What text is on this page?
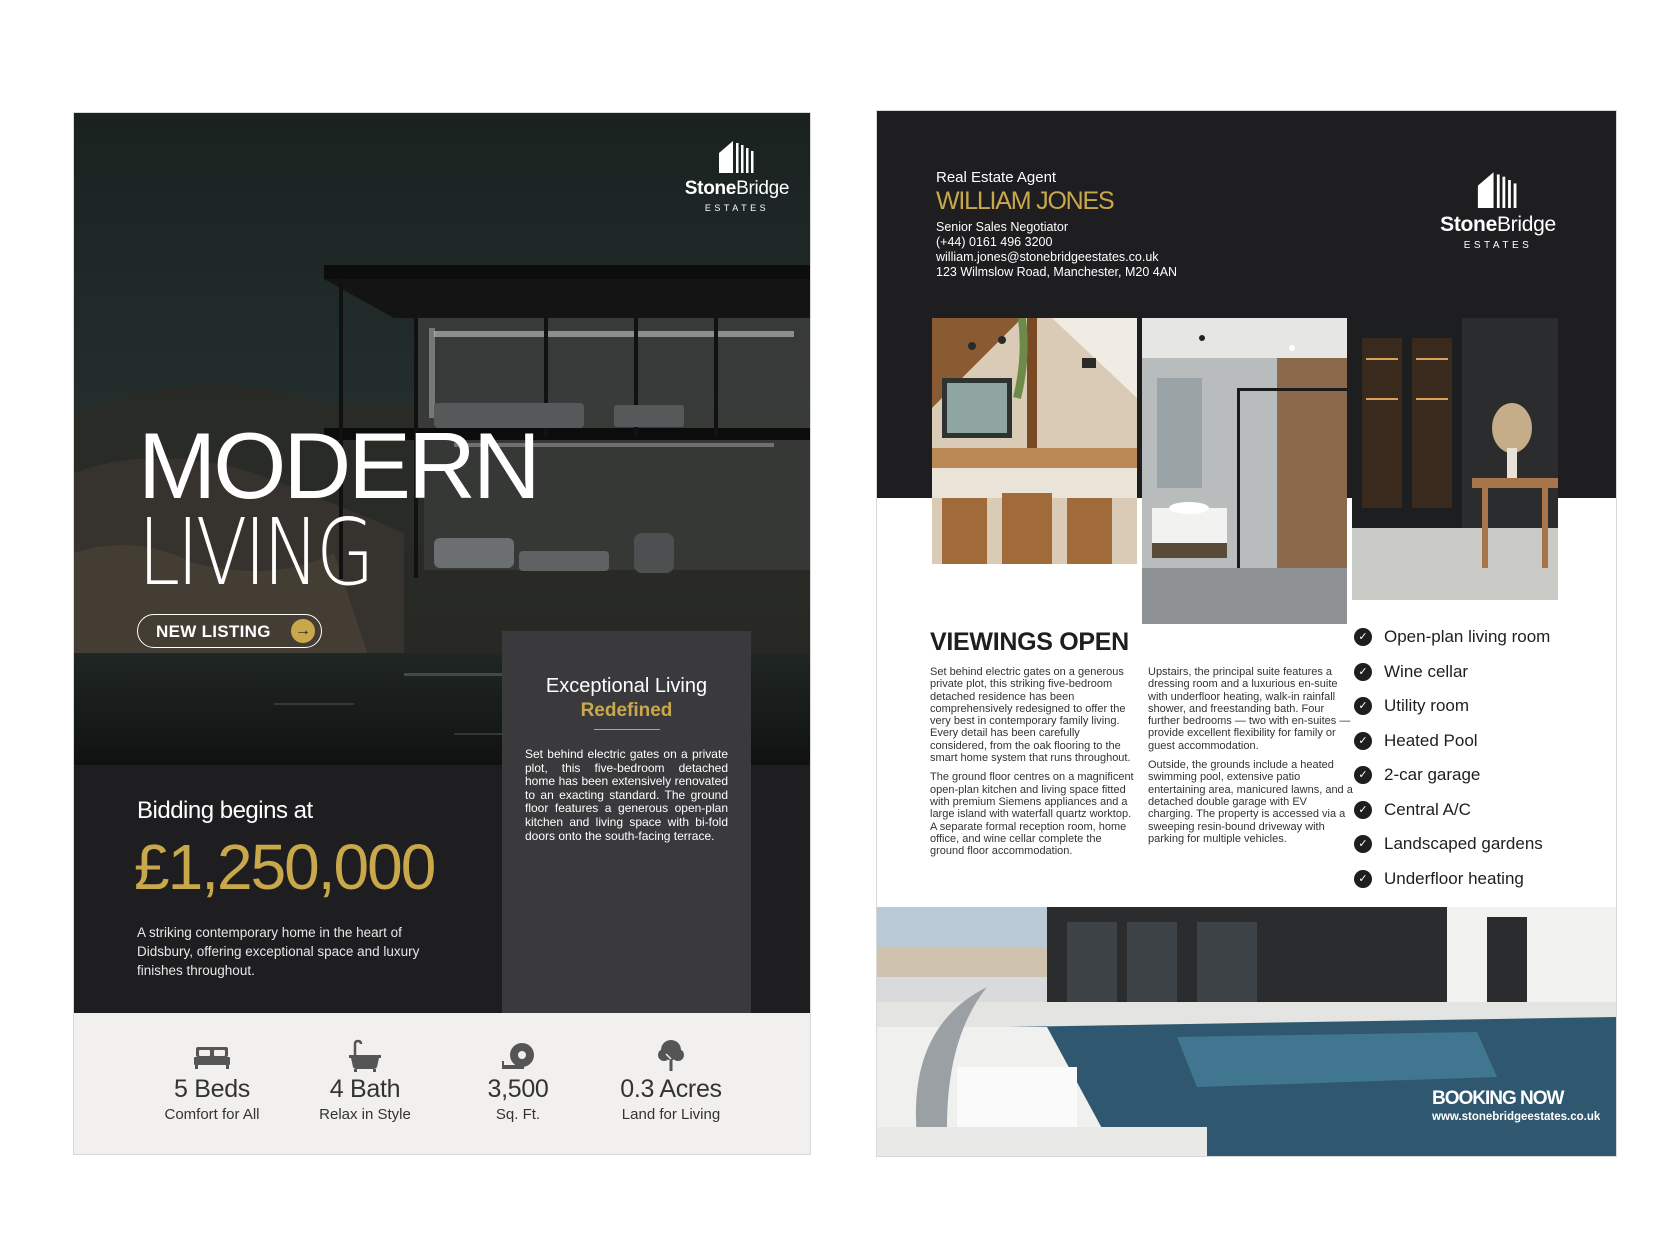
StoneBridge
ESTATES
MODERN
LIVING
NEW LISTING →
Bidding begins at
£1,250,000
A striking contemporary home in the heart of Didsbury, offering exceptional space and luxury finishes throughout.
Exceptional Living
Redefined
Set behind electric gates on a private plot, this five-bedroom detached home has been extensively renovated to an exacting standard. The ground floor features a generous open-plan kitchen and living space with bi-fold doors onto the south-facing terrace.
5 Beds
Comfort for All
4 Bath
Relax in Style
3,500
Sq. Ft.
0.3 Acres
Land for Living
Real Estate Agent
WILLIAM JONES
Senior Sales Negotiator
(+44) 0161 496 3200
william.jones@stonebridgeestates.co.uk
123 Wilmslow Road, Manchester, M20 4AN
StoneBridge
ESTATES
VIEWINGS OPEN

Set behind electric gates on a generous private plot, this striking five-bedroom detached residence has been comprehensively redesigned to offer the very best in contemporary family living. Every detail has been carefully considered, from the oak flooring to the smart home system that runs throughout.

The ground floor centres on a magnificent open-plan kitchen and living space fitted with premium Siemens appliances and a large island with waterfall quartz worktop. A separate formal reception room, home office, and wine cellar complete the ground floor accommodation.

Upstairs, the principal suite features a dressing room and a luxurious en-suite with underfloor heating, walk-in rainfall shower, and freestanding bath. Four further bedrooms — two with en-suites — provide excellent flexibility for family or guest accommodation.

Outside, the grounds include a heated swimming pool, extensive patio entertaining area, manicured lawns, and a detached double garage with EV charging. The property is accessed via a sweeping resin-bound driveway with parking for multiple vehicles.

✓ Open-plan living room
✓ Wine cellar
✓ Utility room
✓ Heated Pool
✓ 2-car garage
✓ Central A/C
✓ Landscaped gardens
✓ Underfloor heating
BOOKING NOW
www.stonebridgeestates.co.uk
